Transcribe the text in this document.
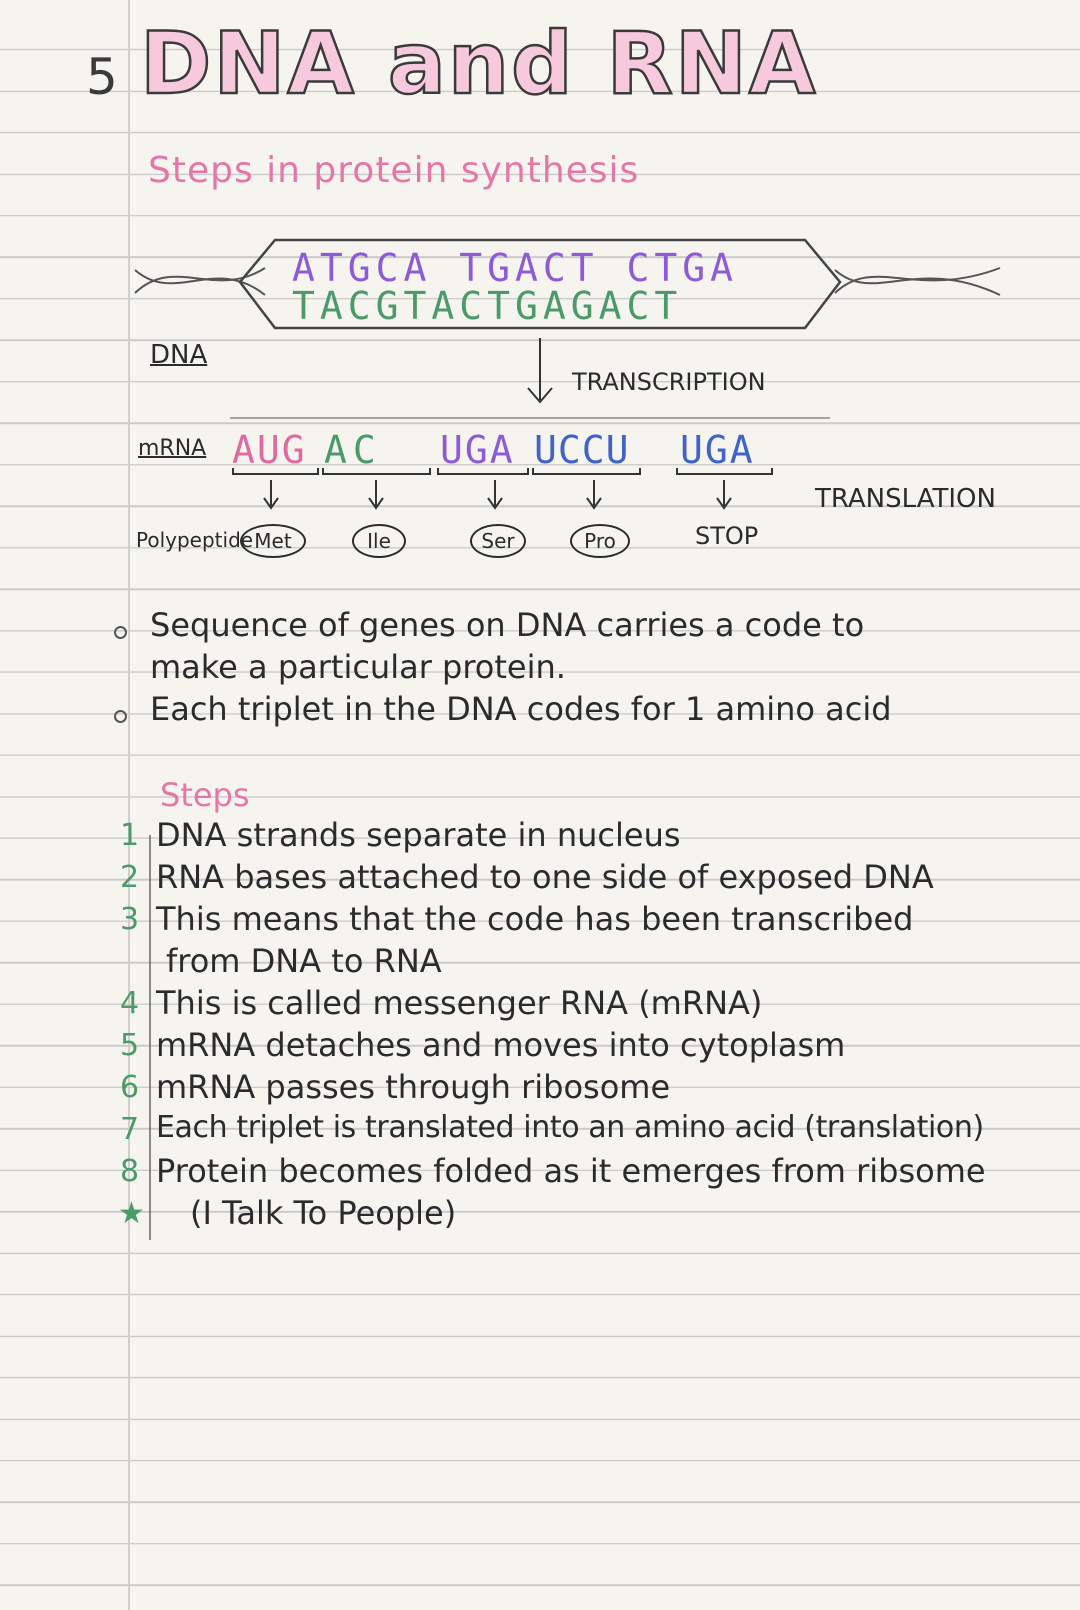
5 DNA and RNA
Steps in protein synthesis
ATGCA TGACT CTGA
TACGTACTGAGACT
DNA
TRANSCRIPTION
mRNA AUG AC UGA UCCU UGA
TRANSLATION
Polypeptide Met	Ile	Ser	Pro	STOP
Sequence of genes on DNA carries a code to
make a particular protein.
Each triplet in the DNA codes for 1 amino acid
Steps
1 DNA strands separate in nucleus
2 RNA bases attached to one side of exposed DNA
3 This means that the code has been transcribed
from DNA to RNA
4 This is called messenger RNA (mRNA)
5 mRNA detaches and moves into cytoplasm
6 mRNA passes through ribosome
7 Each triplet is translated into an amino acid (translation)
8 Protein becomes folded as it emerges from ribsome
★ (I Talk To People)
